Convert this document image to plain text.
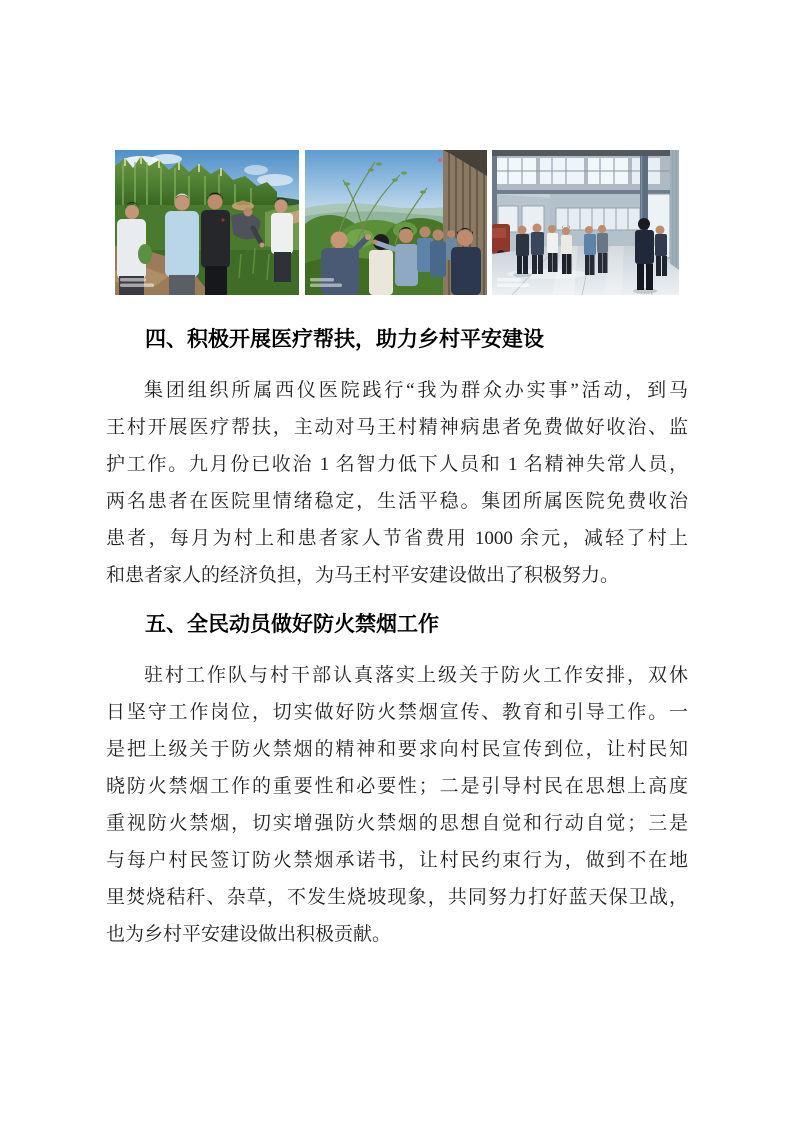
四、积极开展医疗帮扶，助力乡村平安建设
集团组织所属西仪医院践行“我为群众办实事”活动，到马
王村开展医疗帮扶，主动对马王村精神病患者免费做好收治、监
护工作。九月份已收治 1 名智力低下人员和 1 名精神失常人员，
两名患者在医院里情绪稳定，生活平稳。集团所属医院免费收治
患者，每月为村上和患者家人节省费用 1000 余元，减轻了村上
和患者家人的经济负担，为马王村平安建设做出了积极努力。
五、全民动员做好防火禁烟工作
驻村工作队与村干部认真落实上级关于防火工作安排，双休
日坚守工作岗位，切实做好防火禁烟宣传、教育和引导工作。一
是把上级关于防火禁烟的精神和要求向村民宣传到位，让村民知
晓防火禁烟工作的重要性和必要性；二是引导村民在思想上高度
重视防火禁烟，切实增强防火禁烟的思想自觉和行动自觉；三是
与每户村民签订防火禁烟承诺书，让村民约束行为，做到不在地
里焚烧秸秆、杂草，不发生烧坡现象，共同努力打好蓝天保卫战，
也为乡村平安建设做出积极贡献。
